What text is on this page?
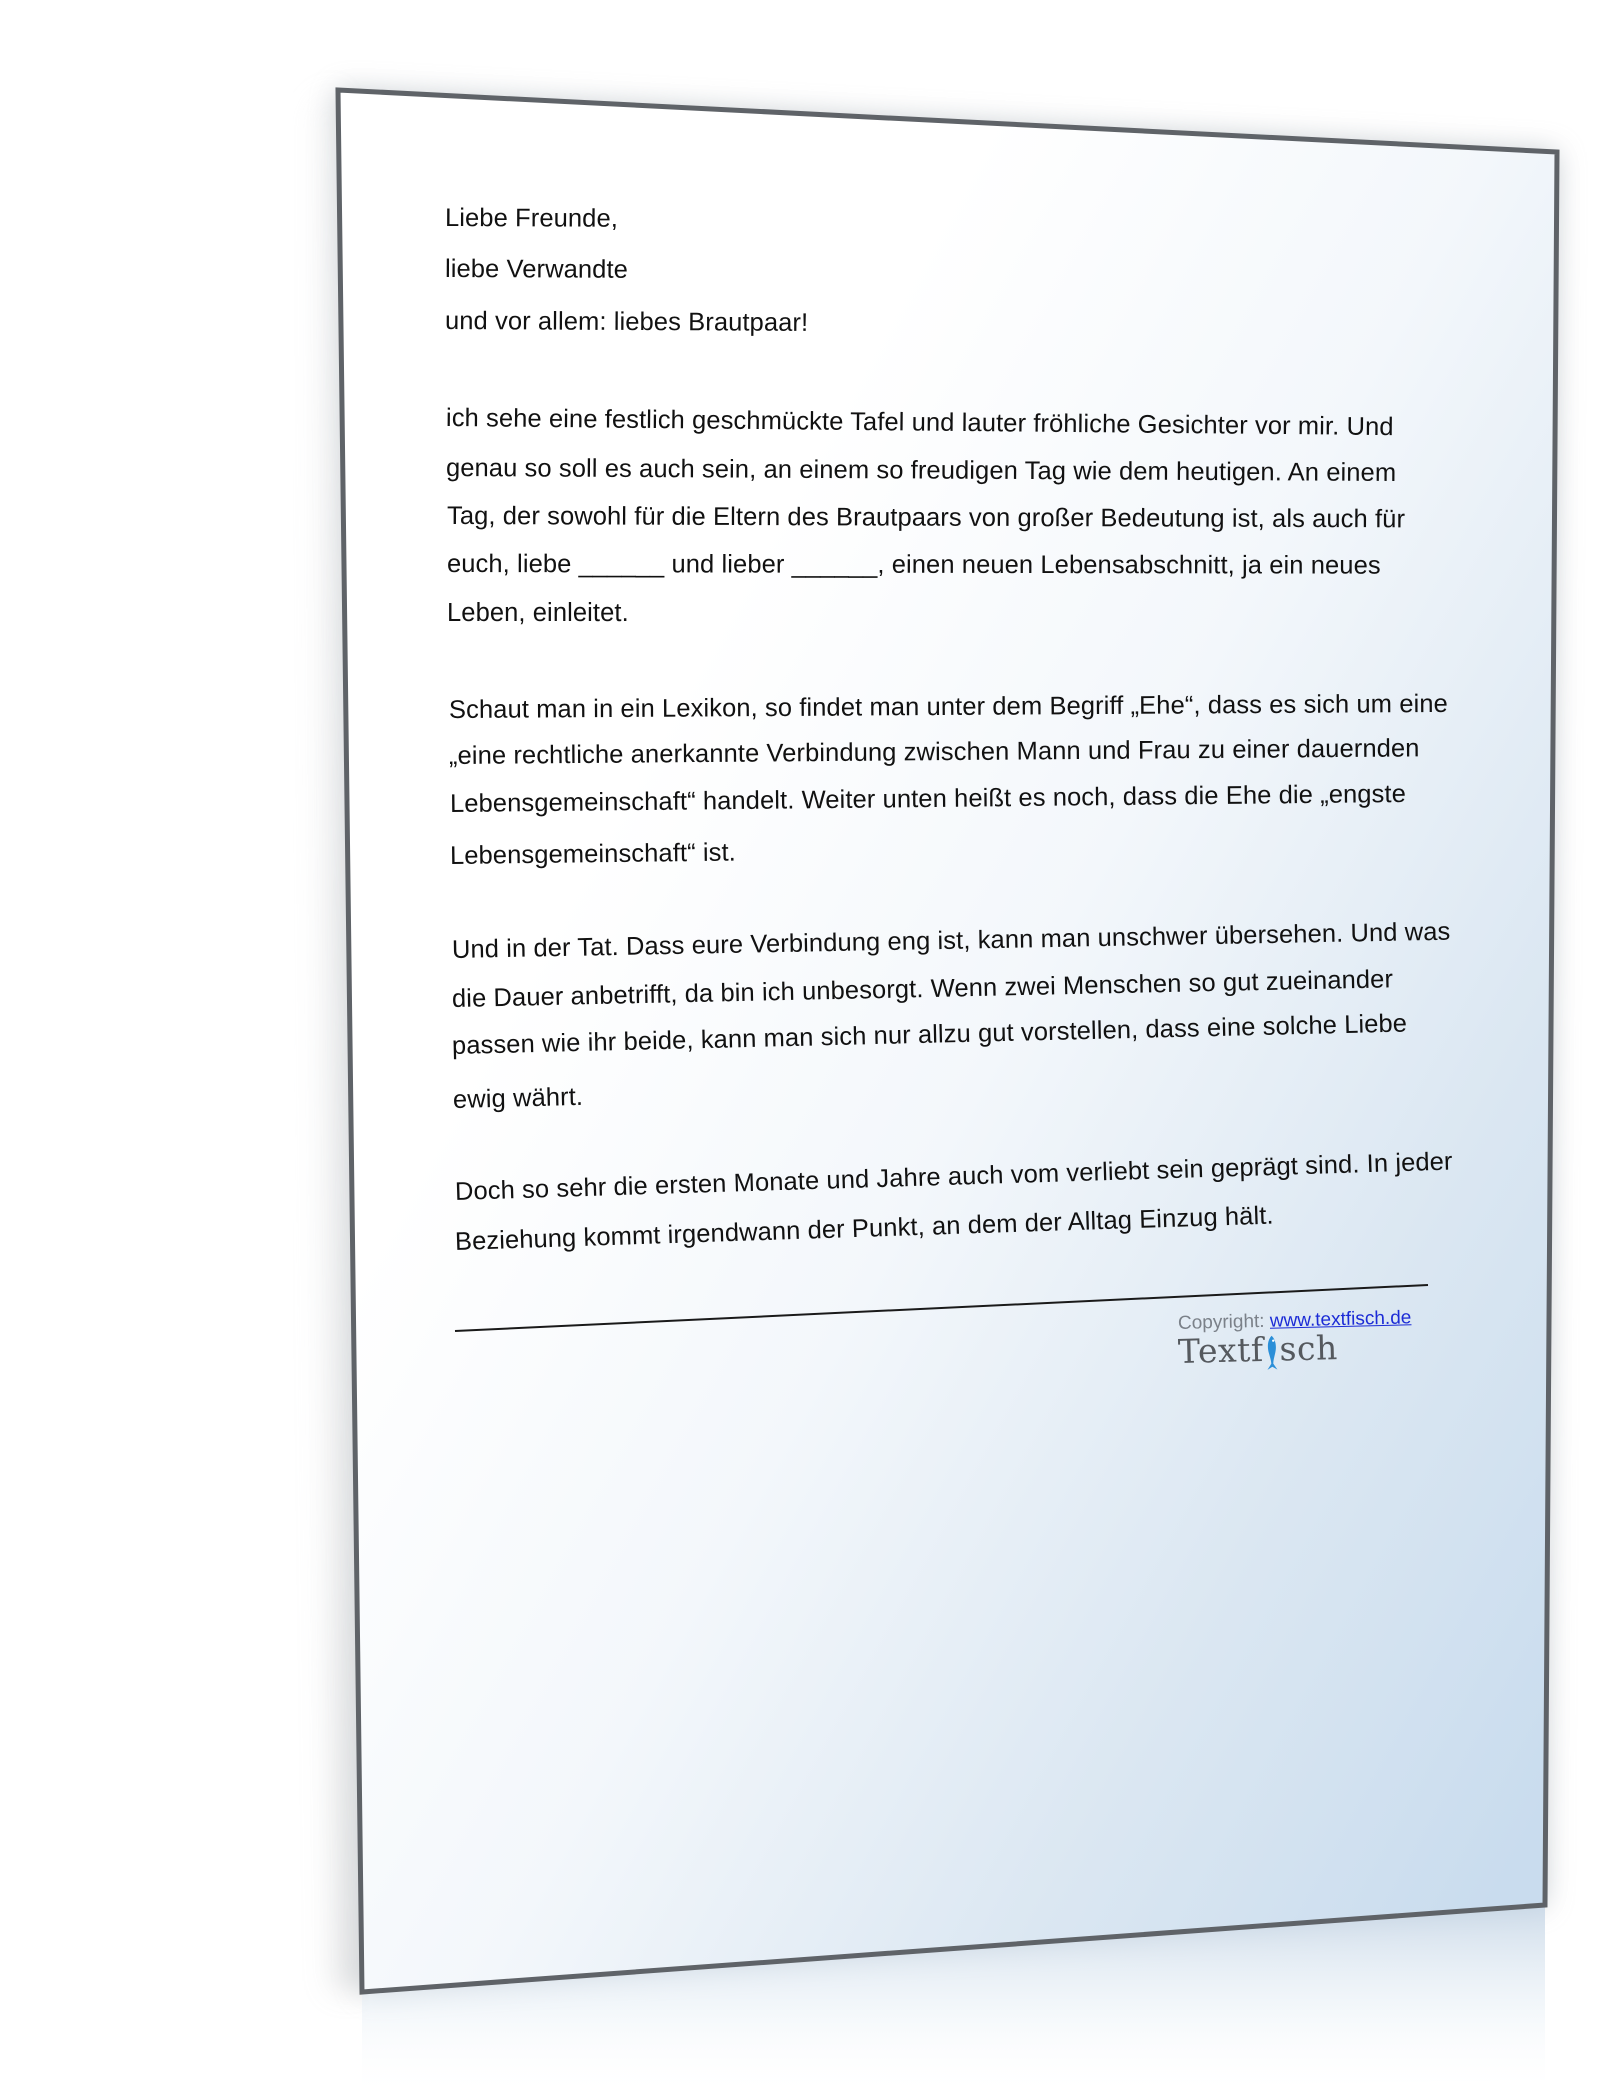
Liebe Freunde,
liebe Verwandte
und vor allem: liebes Brautpaar!
ich sehe eine festlich geschmückte Tafel und lauter fröhliche Gesichter vor mir. Und
genau so soll es auch sein, an einem so freudigen Tag wie dem heutigen. An einem
Tag, der sowohl für die Eltern des Brautpaars von großer Bedeutung ist, als auch für
euch, liebe ______ und lieber ______, einen neuen Lebensabschnitt, ja ein neues
Leben, einleitet.
Schaut man in ein Lexikon, so findet man unter dem Begriff „Ehe“, dass es sich um eine
„eine rechtliche anerkannte Verbindung zwischen Mann und Frau zu einer dauernden
Lebensgemeinschaft“ handelt. Weiter unten heißt es noch, dass die Ehe die „engste
Lebensgemeinschaft“ ist.
Und in der Tat. Dass eure Verbindung eng ist, kann man unschwer übersehen. Und was
die Dauer anbetrifft, da bin ich unbesorgt. Wenn zwei Menschen so gut zueinander
passen wie ihr beide, kann man sich nur allzu gut vorstellen, dass eine solche Liebe
ewig währt.
Doch so sehr die ersten Monate und Jahre auch vom verliebt sein geprägt sind. In jeder
Beziehung kommt irgendwann der Punkt, an dem der Alltag Einzug hält.
Copyright: www.textfisch.de
Textf sch
